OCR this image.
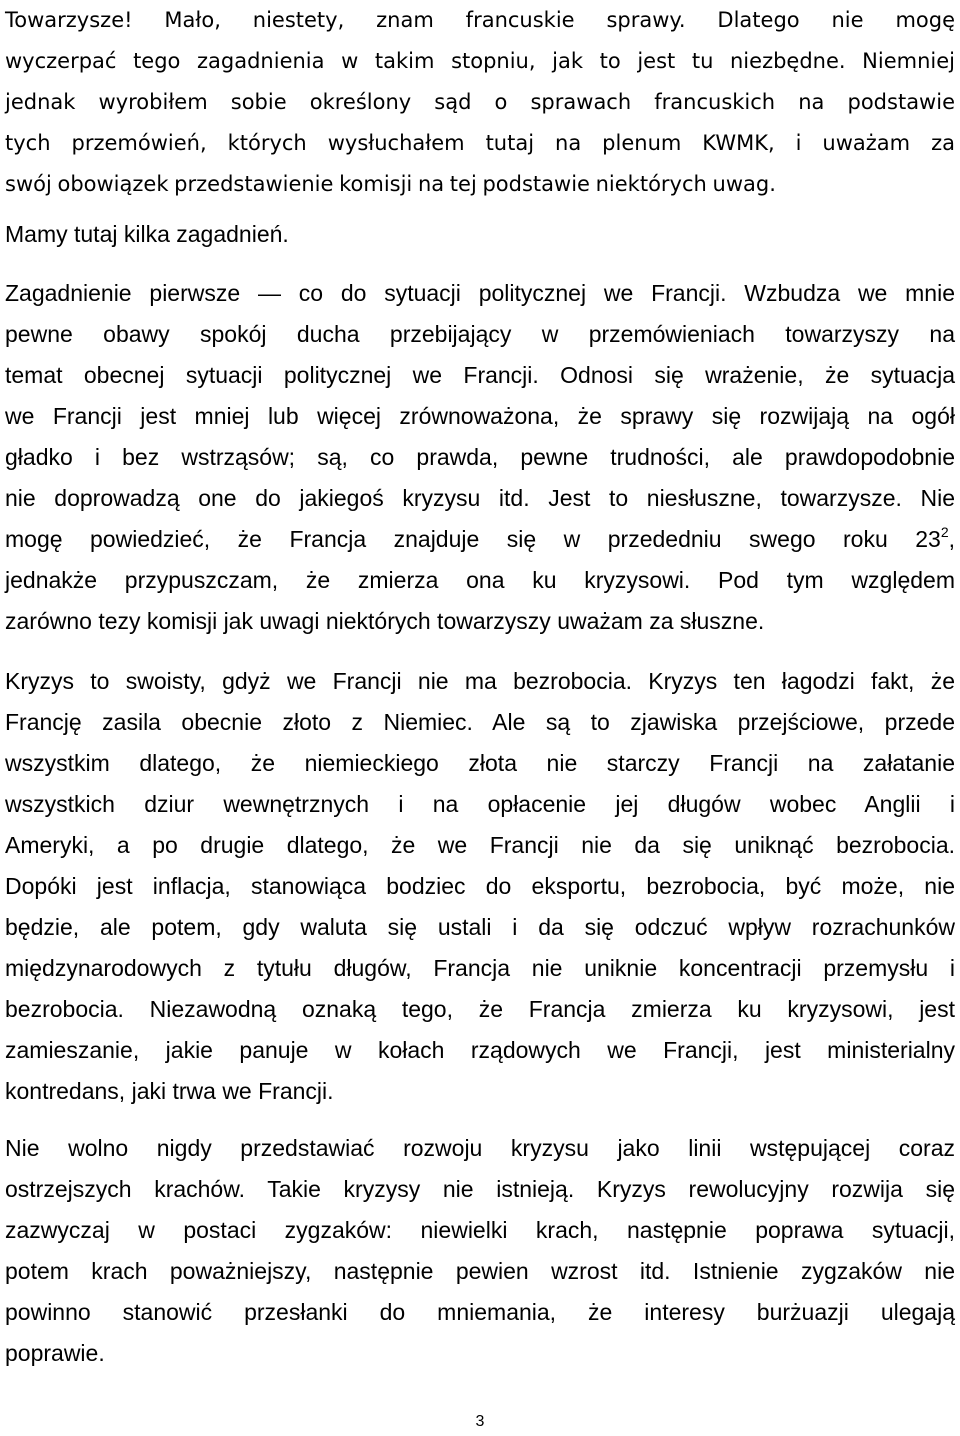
Towarzysze! Mało, niestety, znam francuskie sprawy. Dlatego nie mogę
wyczerpać tego zagadnienia w takim stopniu, jak to jest tu niezbędne. Niemniej
jednak wyrobiłem sobie określony sąd o sprawach francuskich na podstawie
tych przemówień, których wysłuchałem tutaj na plenum KWMK, i uważam za
swój obowiązek przedstawienie komisji na tej podstawie niektórych uwag.
Mamy tutaj kilka zagadnień.
Zagadnienie pierwsze — co do sytuacji politycznej we Francji. Wzbudza we mnie
pewne obawy spokój ducha przebijający w przemówieniach towarzyszy na
temat obecnej sytuacji politycznej we Francji. Odnosi się wrażenie, że sytuacja
we Francji jest mniej lub więcej zrównoważona, że sprawy się rozwijają na ogół
gładko i bez wstrząsów; są, co prawda, pewne trudności, ale prawdopodobnie
nie doprowadzą one do jakiegoś kryzysu itd. Jest to niesłuszne, towarzysze. Nie
mogę powiedzieć, że Francja znajduje się w przededniu swego roku $23^2$,
jednakże przypuszczam, że zmierza ona ku kryzysowi. Pod tym względem
zarówno tezy komisji jak uwagi niektórych towarzyszy uważam za słuszne.
Kryzys to swoisty, gdyż we Francji nie ma bezrobocia. Kryzys ten łagodzi fakt, że
Francję zasila obecnie złoto z Niemiec. Ale są to zjawiska przejściowe, przede
wszystkim dlatego, że niemieckiego złota nie starczy Francji na załatanie
wszystkich dziur wewnętrznych i na opłacenie jej długów wobec Anglii i
Ameryki, a po drugie dlatego, że we Francji nie da się uniknąć bezrobocia.
Dopóki jest inflacja, stanowiąca bodziec do eksportu, bezrobocia, być może, nie
będzie, ale potem, gdy waluta się ustali i da się odczuć wpływ rozrachunków
międzynarodowych z tytułu długów, Francja nie uniknie koncentracji przemysłu i
bezrobocia. Niezawodną oznaką tego, że Francja zmierza ku kryzysowi, jest
zamieszanie, jakie panuje w kołach rządowych we Francji, jest ministerialny
kontredans, jaki trwa we Francji.
Nie wolno nigdy przedstawiać rozwoju kryzysu jako linii wstępującej coraz
ostrzejszych krachów. Takie kryzysy nie istnieją. Kryzys rewolucyjny rozwija się
zazwyczaj w postaci zygzaków: niewielki krach, następnie poprawa sytuacji,
potem krach poważniejszy, następnie pewien wzrost itd. Istnienie zygzaków nie
powinno stanowić przesłanki do mniemania, że interesy burżuazji ulegają
poprawie.
3
